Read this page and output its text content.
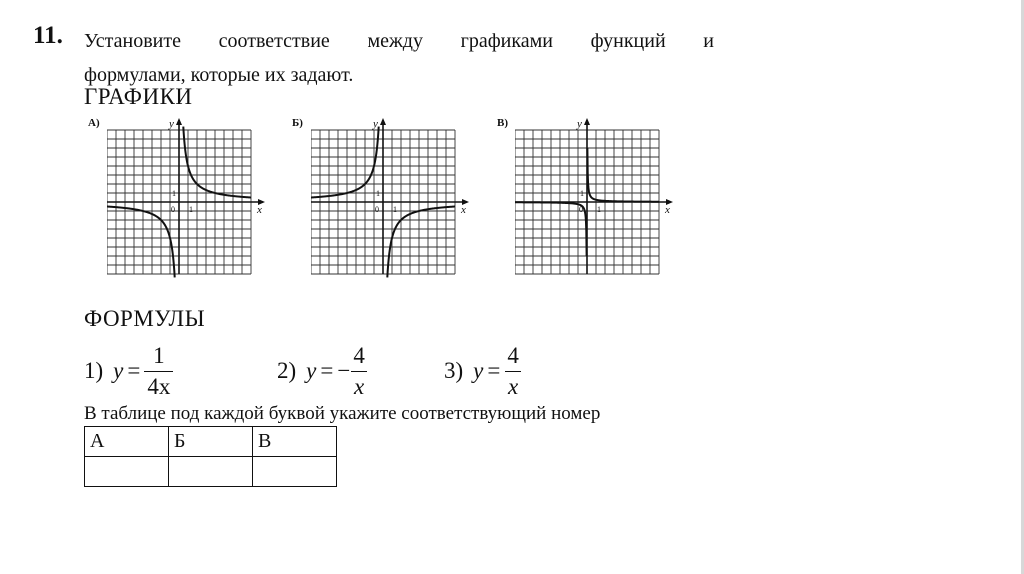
11. Установите соответствие между графиками функций и
формулами, которые их задают.
ГРАФИКИ
А)	Б)	В)
y
x
0 1
1
y
x
0 1
1
y
x
0 1
1
ФОРМУЛЫ
1) $y = \frac{1}{4x}$	2) y = − $\frac{4}{x}$	3) $y = \frac{4}{x}$
В таблице под каждой буквой укажите соответствующий номер
А	Б	В
